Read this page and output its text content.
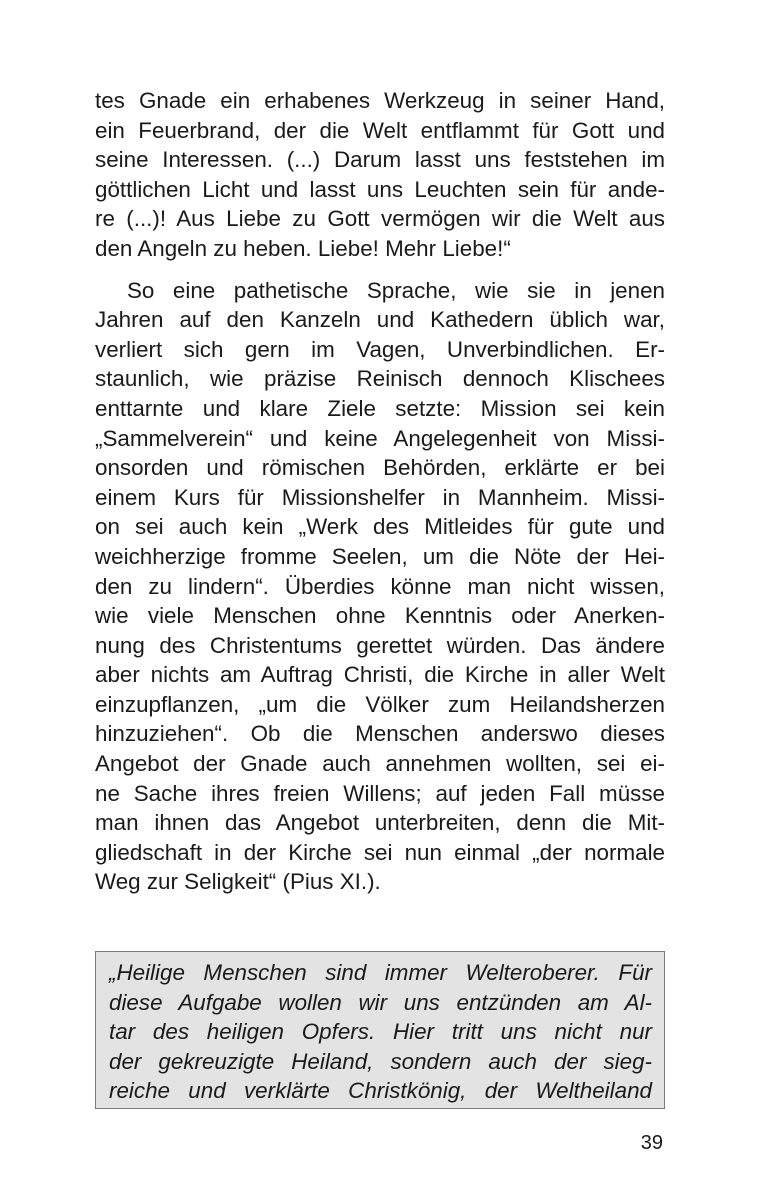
tes Gnade ein erhabenes Werkzeug in seiner Hand,
ein Feuerbrand, der die Welt entflammt für Gott und
seine Interessen. (...) Darum lasst uns feststehen im
göttlichen Licht und lasst uns Leuchten sein für ande-
re (...)! Aus Liebe zu Gott vermögen wir die Welt aus
den Angeln zu heben. Liebe! Mehr Liebe!“

So eine pathetische Sprache, wie sie in jenen
Jahren auf den Kanzeln und Kathedern üblich war,
verliert sich gern im Vagen, Unverbindlichen. Er-
staunlich, wie präzise Reinisch dennoch Klischees
enttarnte und klare Ziele setzte: Mission sei kein
„Sammelverein“ und keine Angelegenheit von Missi-
onsorden und römischen Behörden, erklärte er bei
einem Kurs für Missionshelfer in Mannheim. Missi-
on sei auch kein „Werk des Mitleides für gute und
weichherzige fromme Seelen, um die Nöte der Hei-
den zu lindern“. Überdies könne man nicht wissen,
wie viele Menschen ohne Kenntnis oder Anerken-
nung des Christentums gerettet würden. Das ändere
aber nichts am Auftrag Christi, die Kirche in aller Welt
einzupflanzen, „um die Völker zum Heilandsherzen
hinzuziehen“. Ob die Menschen anderswo dieses
Angebot der Gnade auch annehmen wollten, sei ei-
ne Sache ihres freien Willens; auf jeden Fall müsse
man ihnen das Angebot unterbreiten, denn die Mit-
gliedschaft in der Kirche sei nun einmal „der normale
Weg zur Seligkeit“ (Pius XI.).

„Heilige Menschen sind immer Welteroberer. Für
diese Aufgabe wollen wir uns entzünden am Al-
tar des heiligen Opfers. Hier tritt uns nicht nur
der gekreuzigte Heiland, sondern auch der sieg-
reiche und verklärte Christkönig, der Weltheiland

39
